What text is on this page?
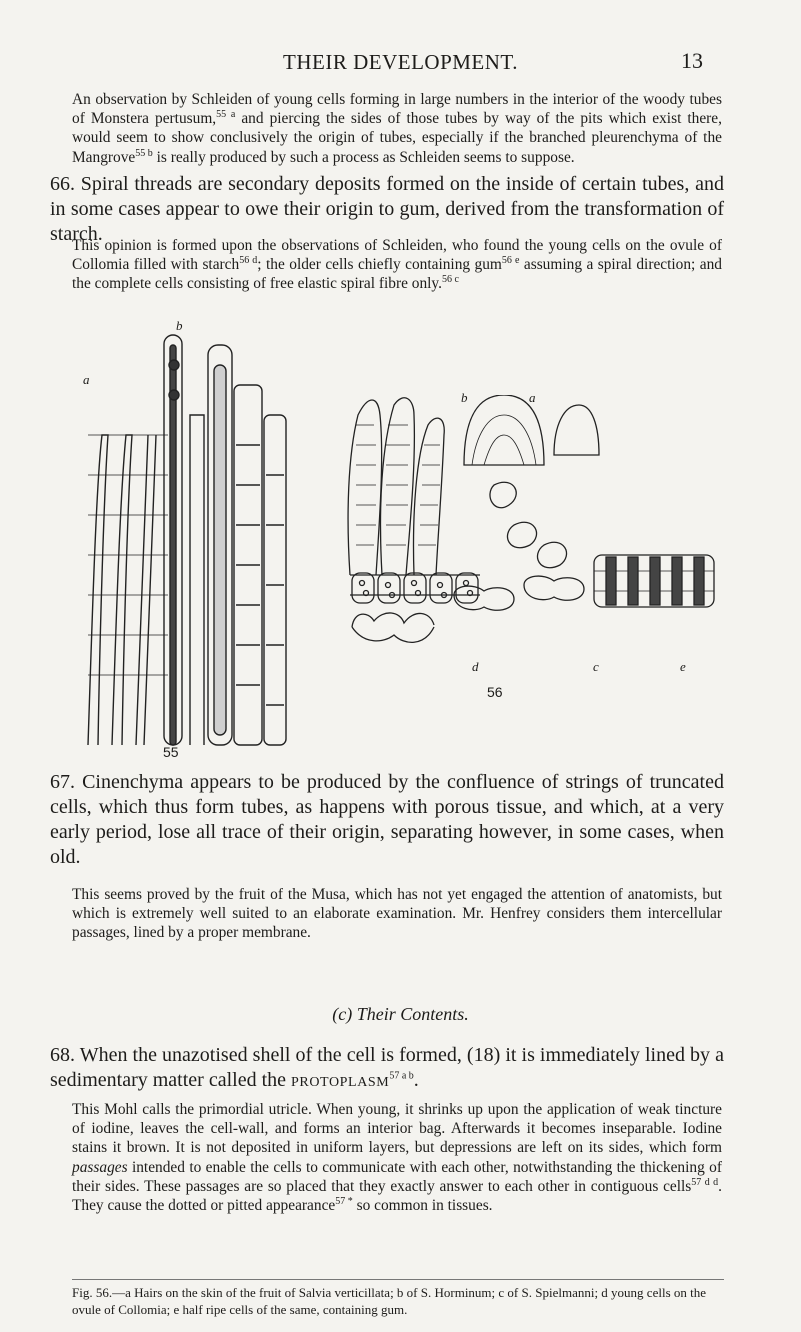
THEIR DEVELOPMENT.	13
An observation by Schleiden of young cells forming in large numbers in the interior of the woody tubes of Monstera pertusum,$^{55 a}$ and piercing the sides of those tubes by way of the pits which exist there, would seem to show conclusively the origin of tubes, especially if the branched pleurenchyma of the Mangrove$^{55 b}$ is really produced by such a process as Schleiden seems to suppose.
66. Spiral threads are secondary deposits formed on the inside of certain tubes, and in some cases appear to owe their origin to gum, derived from the transformation of starch.
This opinion is formed upon the observations of Schleiden, who found the young cells on the ovule of Collomia filled with starch$^{56 d}$; the older cells chiefly containing gum$^{56 e}$ assuming a spiral direction; and the complete cells consisting of free elastic spiral fibre only.$^{56 c}$
a
b
55
b	a
d	c	e
56
67. Cinenchyma appears to be produced by the confluence of strings of truncated cells, which thus form tubes, as happens with porous tissue, and which, at a very early period, lose all trace of their origin, separating however, in some cases, when old.
This seems proved by the fruit of the Musa, which has not yet engaged the attention of anatomists, but which is extremely well suited to an elaborate examination. Mr. Henfrey considers them intercellular passages, lined by a proper membrane.
(c) Their Contents.
68. When the unazotised shell of the cell is formed, (18) it is immediately lined by a sedimentary matter called the protoplasm$^{57 a b}$.
This Mohl calls the primordial utricle. When young, it shrinks up upon the application of weak tincture of iodine, leaves the cell-wall, and forms an interior bag. Afterwards it becomes inseparable. Iodine stains it brown. It is not deposited in uniform layers, but depressions are left on its sides, which form passages intended to enable the cells to communicate with each other, notwithstanding the thickening of their sides. These passages are so placed that they exactly answer to each other in contiguous cells$^{57 d d}$. They cause the dotted or pitted appearance$^{57 *}$ so common in tissues.
Fig. 56.—a Hairs on the skin of the fruit of Salvia verticillata; b of S. Horminum; c of S. Spielmanni; d young cells on the ovule of Collomia; e half ripe cells of the same, containing gum.
